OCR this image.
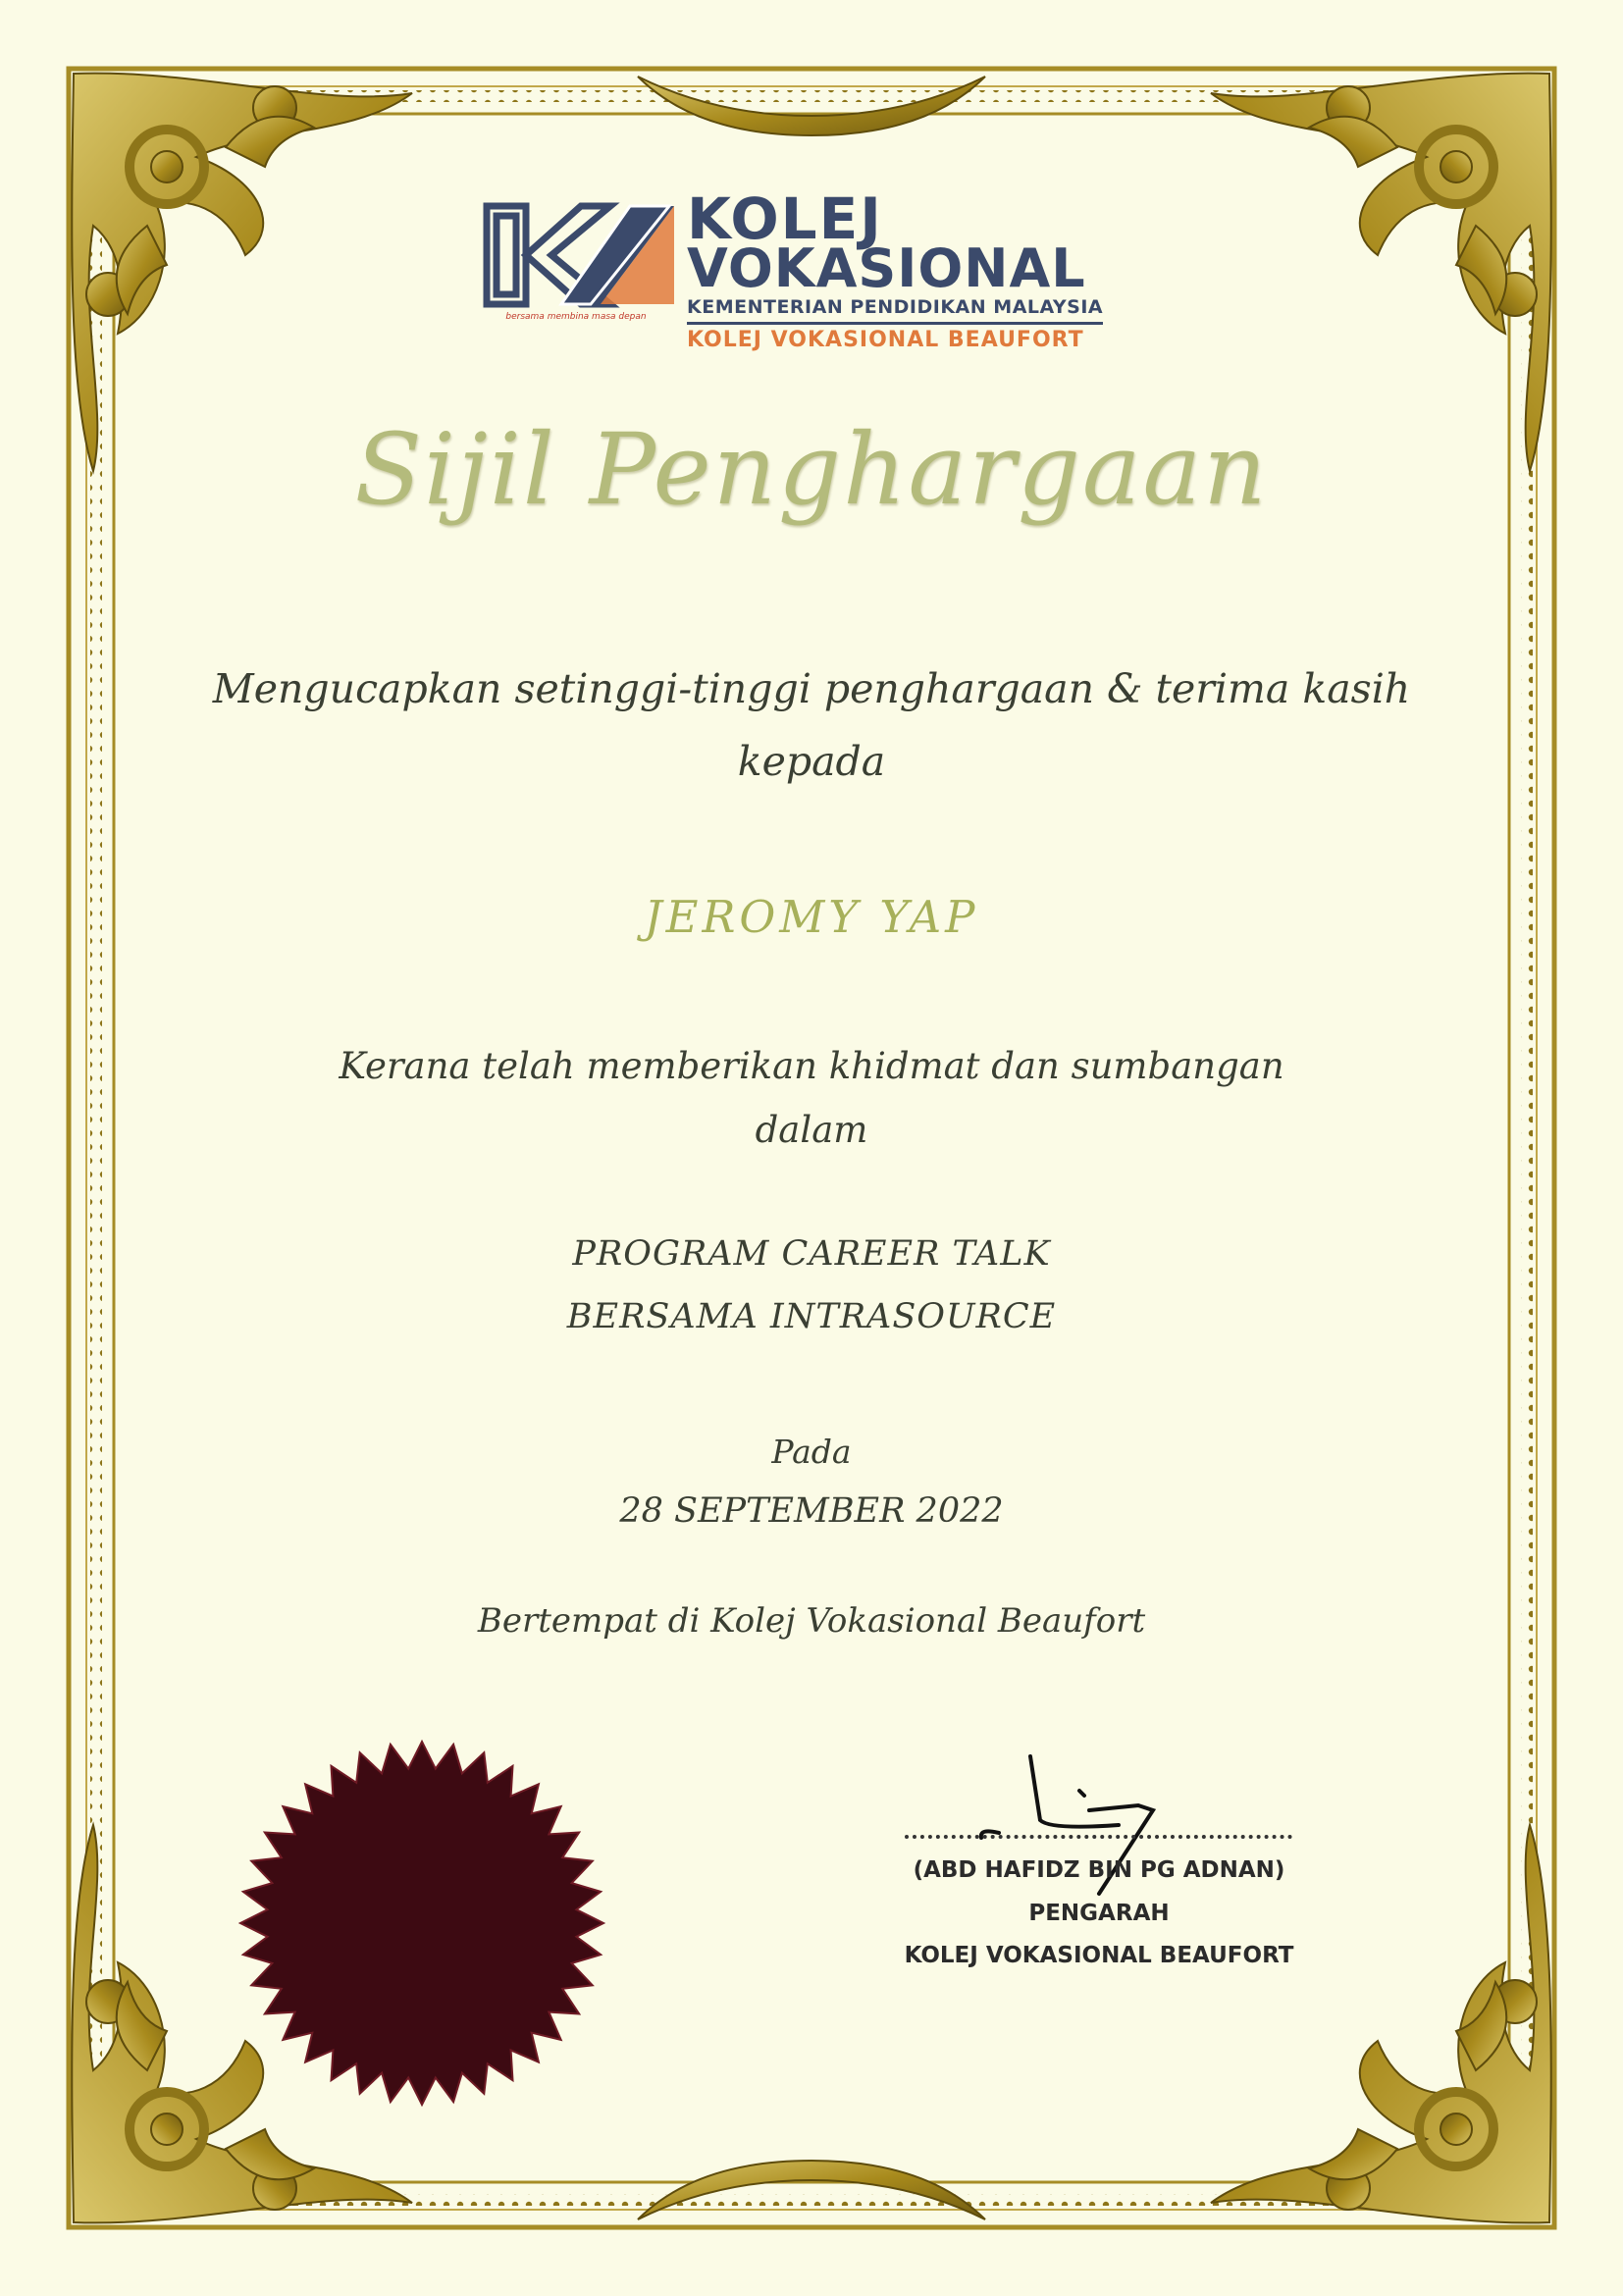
KOLEJ
VOKASIONAL
KEMENTERIAN PENDIDIKAN MALAYSIA
KOLEJ VOKASIONAL BEAUFORT
bersama membina masa depan
Sijil Penghargaan
Mengucapkan setinggi-tinggi penghargaan & terima kasih
kepada
JEROMY YAP
Kerana telah memberikan khidmat dan sumbangan
dalam
PROGRAM CAREER TALK
BERSAMA INTRASOURCE
Pada
28 SEPTEMBER 2022
Bertempat di Kolej Vokasional Beaufort
(ABD HAFIDZ BIN PG ADNAN)
PENGARAH
KOLEJ VOKASIONAL BEAUFORT
